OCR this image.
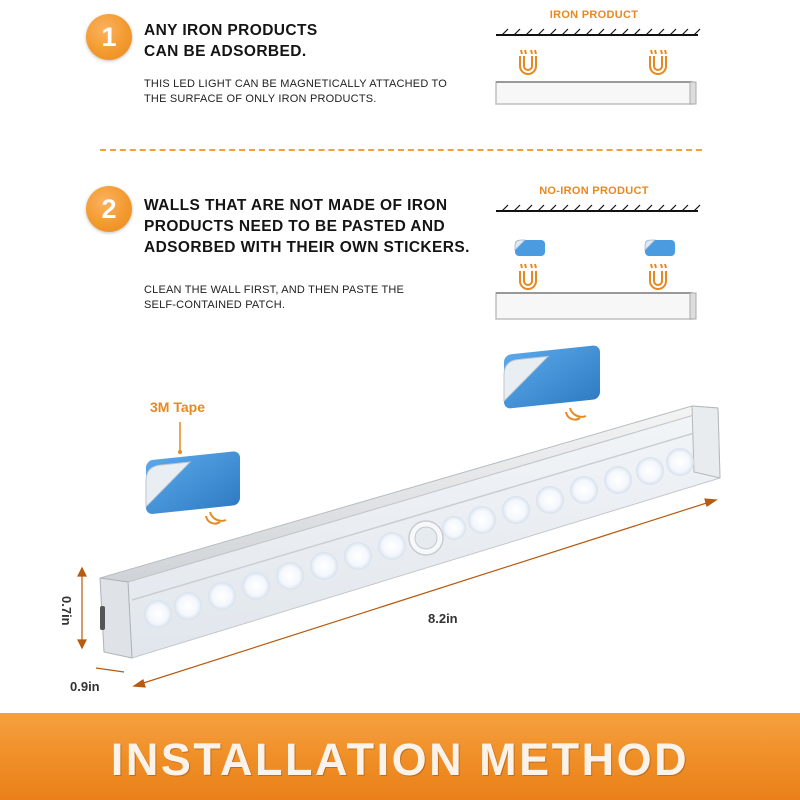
1	ANY IRON PRODUCTS
CAN BE ADSORBED.
THIS LED LIGHT CAN BE MAGNETICALLY ATTACHED TO
THE SURFACE OF ONLY IRON PRODUCTS.
IRON PRODUCT
2	WALLS THAT ARE NOT MADE OF IRON
PRODUCTS NEED TO BE PASTED AND
ADSORBED WITH THEIR OWN STICKERS.
CLEAN THE WALL FIRST, AND THEN PASTE THE
SELF-CONTAINED PATCH.
NO-IRON PRODUCT
3M Tape
8.2in
0.7in
0.9in
INSTALLATION METHOD
